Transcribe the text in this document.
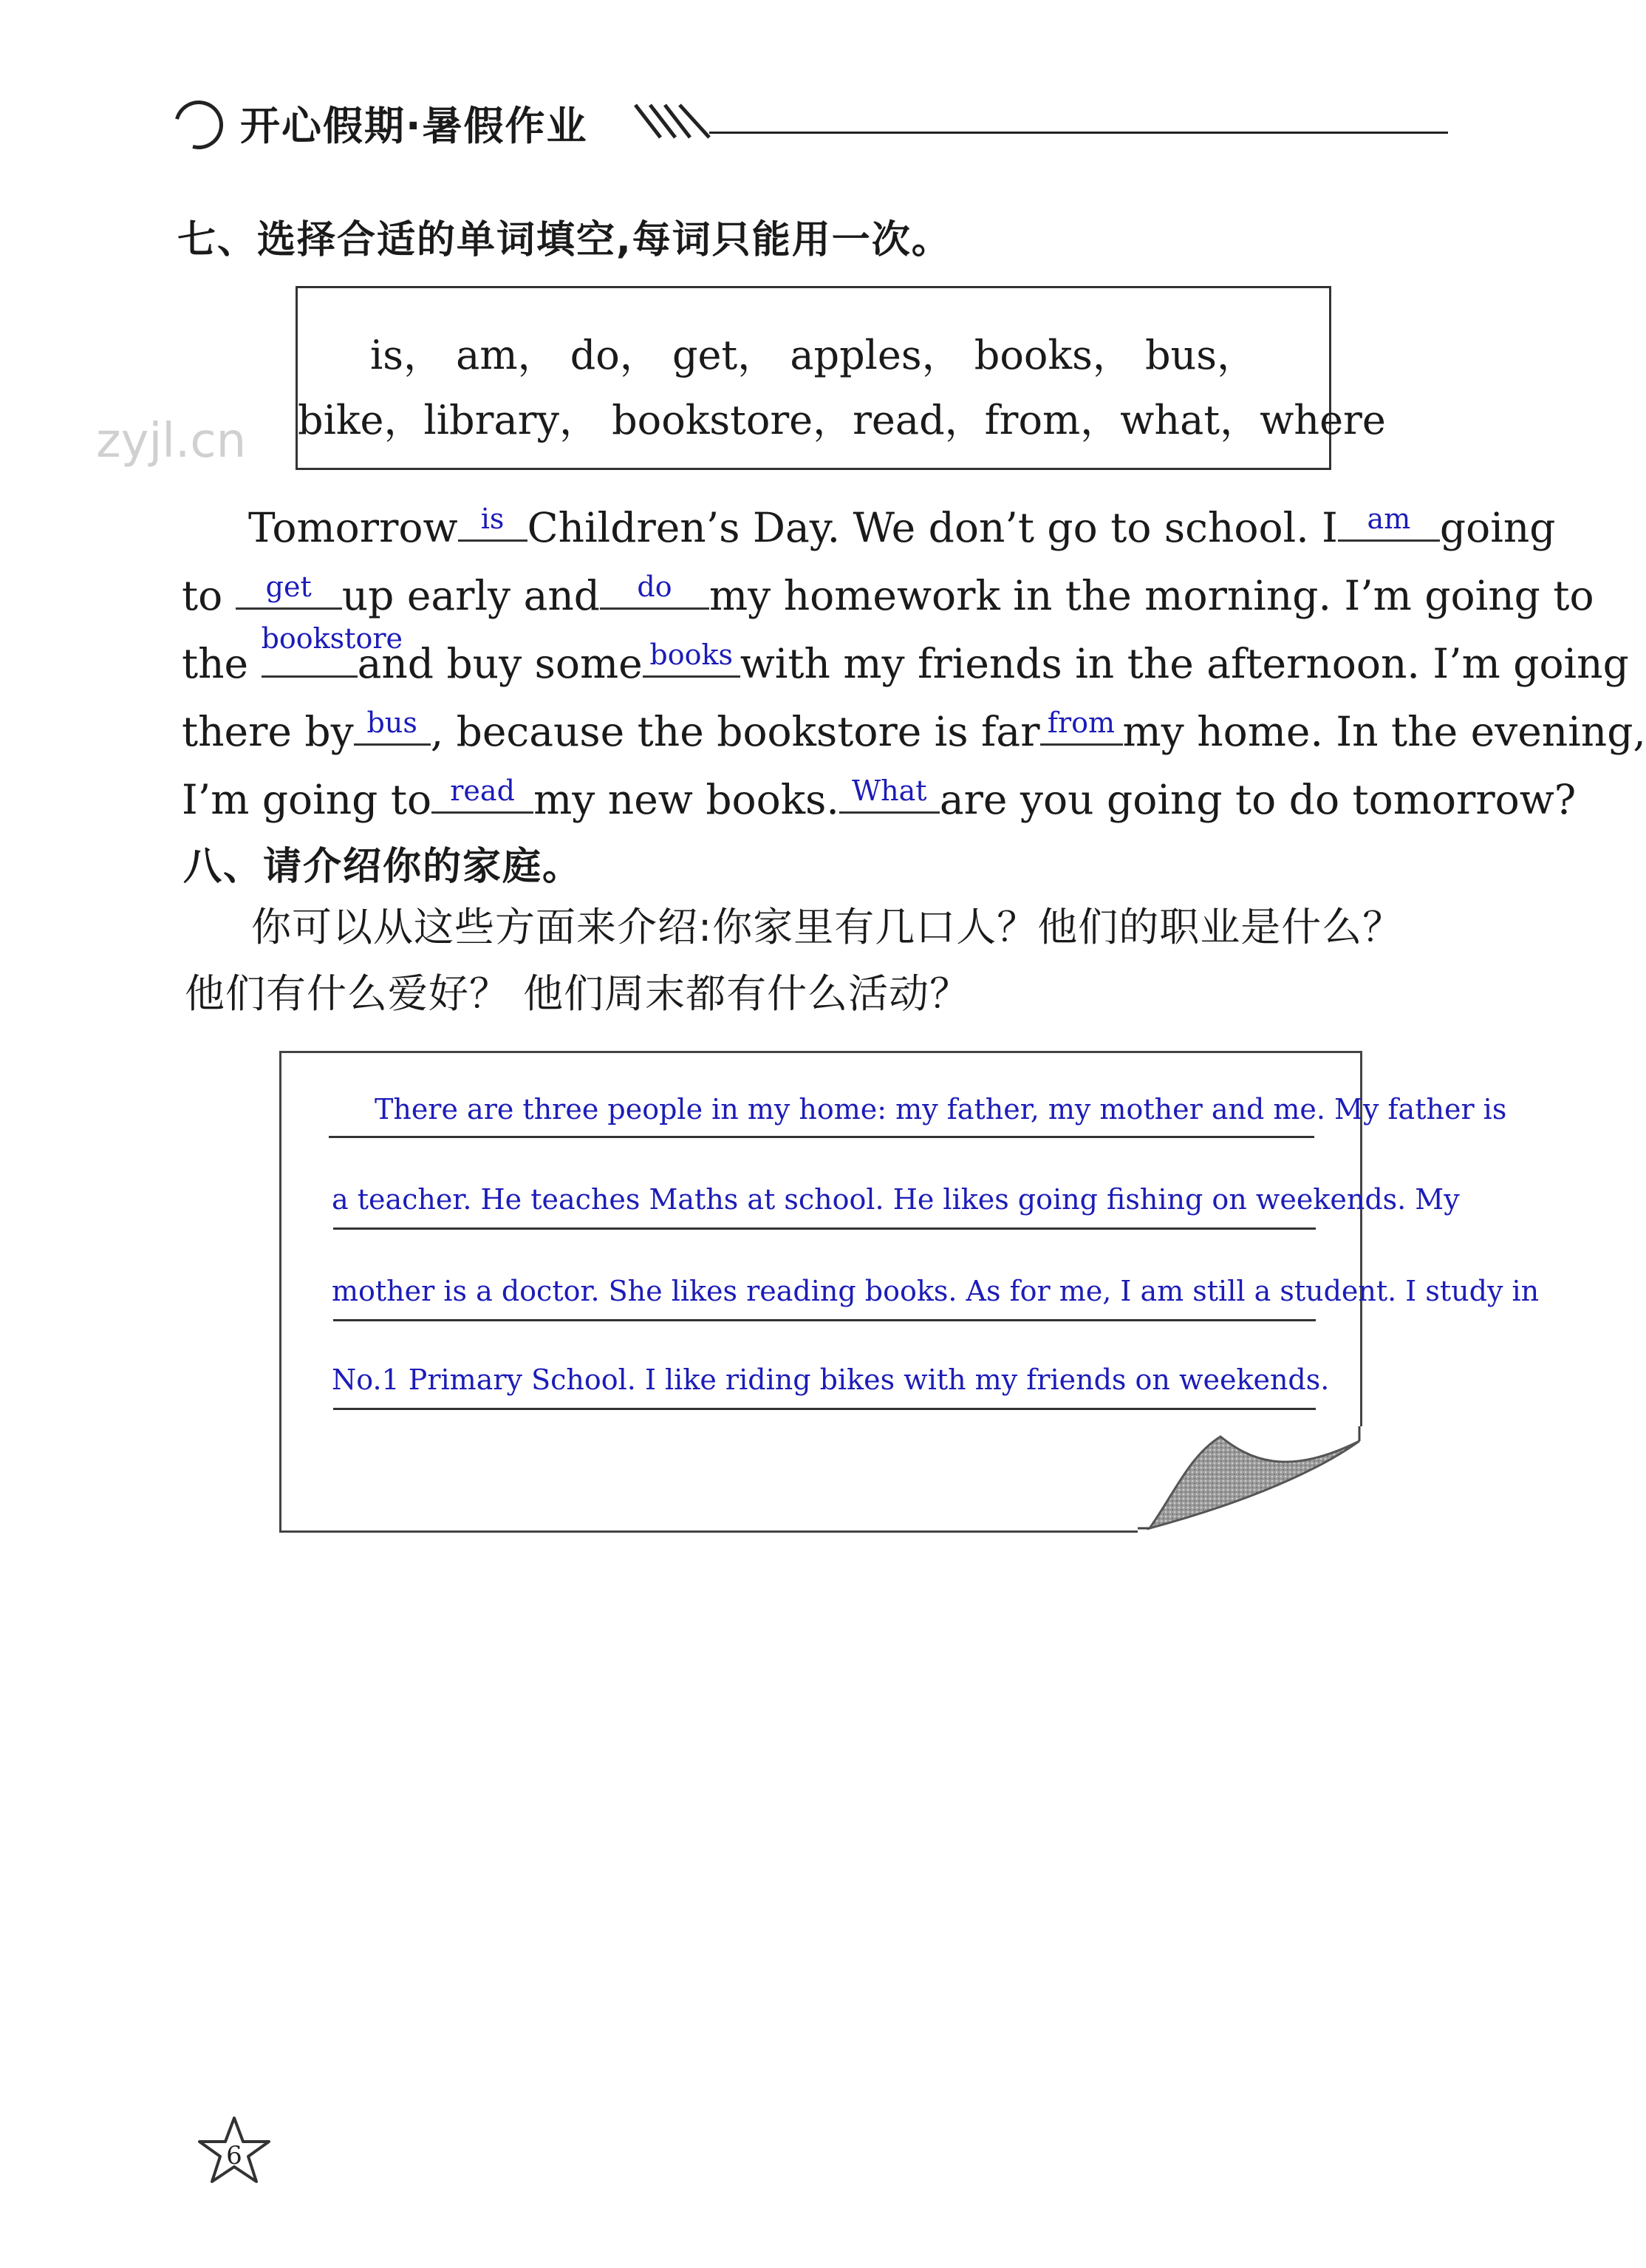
开心假期·暑假作业
七、选择合适的单词填空,每词只能用一次。
is， am， do， get， apples， books， bus，
bike，library， bookstore，read，from，what，where
zyjl.cn
Tomorrow is Children’s Day. We don’t go to school. I	am going
to	get up early and	do my homework in the morning. I’m going to
the
bookstore
and buy some books with my friends in the afternoon. I’m going
there by bus , because the bookstore is far from my home. In the evening,
I’m going to read my new books. What are you going to do tomorrow?
八、请介绍你的家庭。
你可以从这些方面来介绍:你家里有几口人？他们的职业是什么？
他们有什么爱好？ 他们周末都有什么活动？
There are three people in my home: my father, my mother and me. My father is
a teacher. He teaches Maths at school. He likes going fishing on weekends. My
mother is a doctor. She likes reading books. As for me, I am still a student. I study in
No.1 Primary School. I like riding bikes with my friends on weekends.
6
